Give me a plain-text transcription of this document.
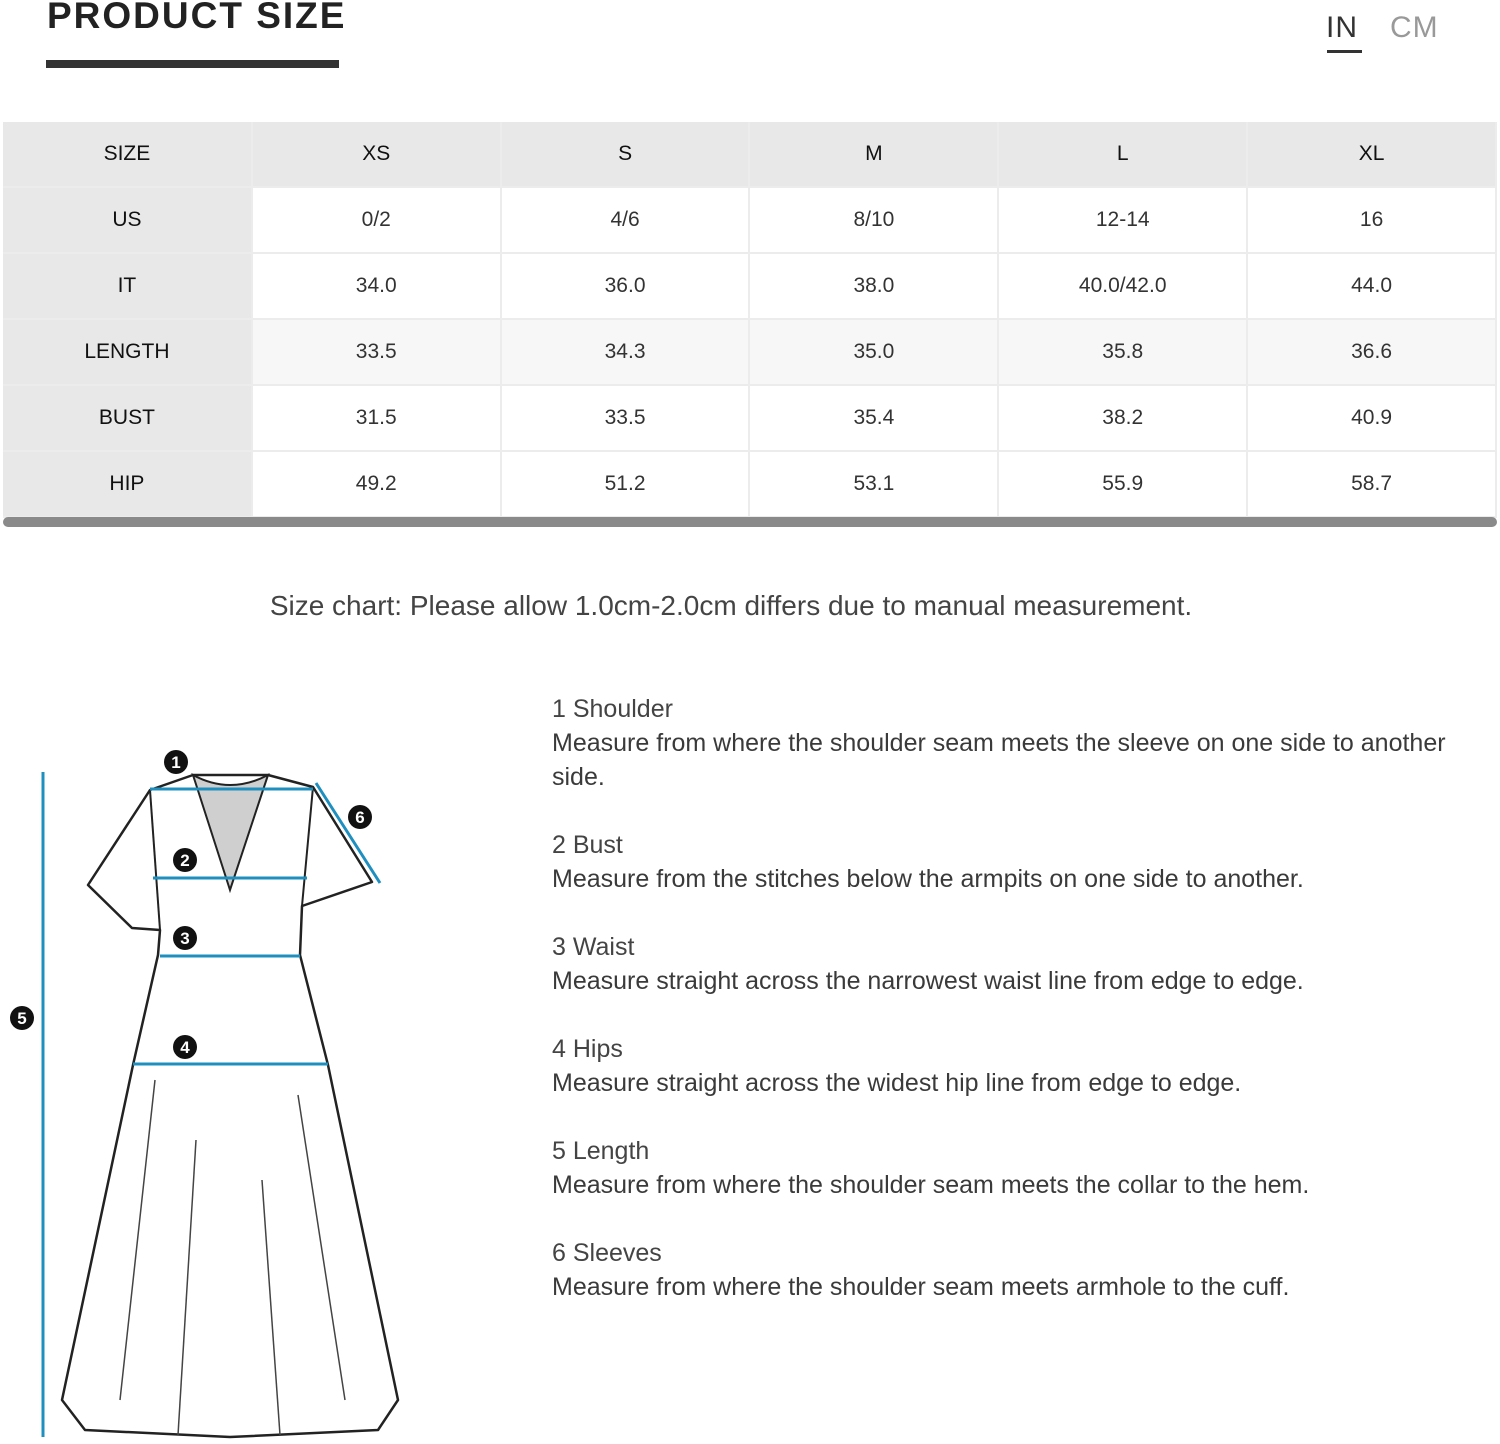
PRODUCT SIZE	IN CM
SIZE	XS	S	M	L	XL
US	0/2	4/6	8/10	12-14	16
IT	34.0	36.0	38.0	40.0/42.0	44.0
LENGTH	33.5	34.3	35.0	35.8	36.6
BUST	31.5	33.5	35.4	38.2	40.9
HIP	49.2	51.2	53.1	55.9	58.7
Size chart: Please allow 1.0cm-2.0cm differs due to manual measurement.
1
2
3
4
5
6
1 Shoulder
Measure from where the shoulder seam meets the sleeve on one side to another side.
2 Bust
Measure from the stitches below the armpits on one side to another.
3 Waist
Measure straight across the narrowest waist line from edge to edge.
4 Hips
Measure straight across the widest hip line from edge to edge.
5 Length
Measure from where the shoulder seam meets the collar to the hem.
6 Sleeves
Measure from where the shoulder seam meets armhole to the cuff.
